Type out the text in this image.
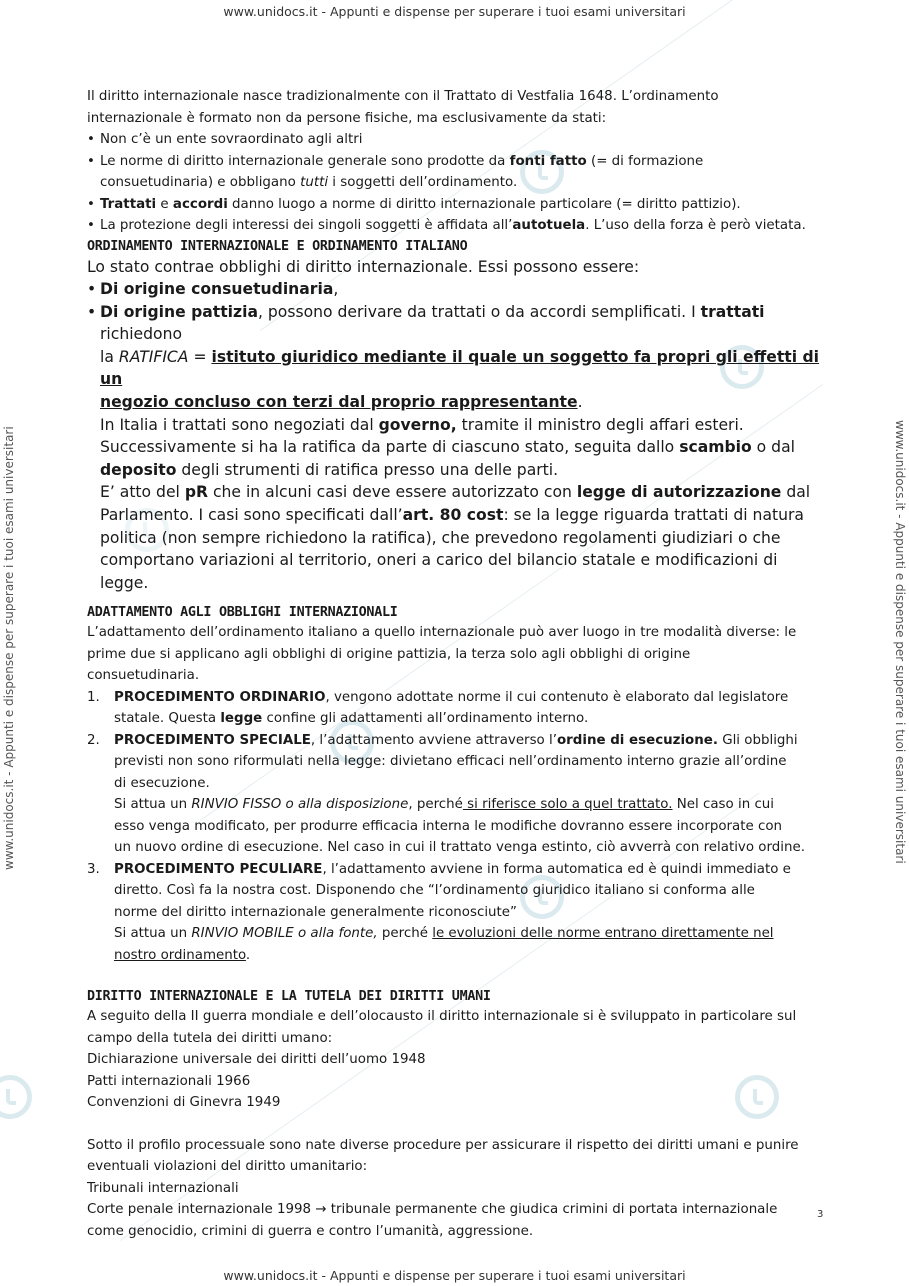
www.unidocs.it - Appunti e dispense per superare i tuoi esami universitari
www.unidocs.it - Appunti e dispense per superare i tuoi esami universitari
www.unidocs.it - Appunti e dispense per superare i tuoi esami universitari	www.unidocs.it - Appunti e dispense per superare i tuoi esami universitari

Il diritto internazionale nasce tradizionalmente con il Trattato di Vestfalia 1648. L’ordinamento

internazionale è formato non da persone fisiche, ma esclusivamente da stati:

• Non c’è un ente sovraordinato agli altri

• Le norme di diritto internazionale generale sono prodotte da fonti fatto (= di formazione

consuetudinaria) e obbligano tutti i soggetti dell’ordinamento.

• Trattati e accordi danno luogo a norme di diritto internazionale particolare (= diritto pattizio).

• La protezione degli interessi dei singoli soggetti è affidata all’autotuela. L’uso della forza è però vietata.

ORDINAMENTO INTERNAZIONALE E ORDINAMENTO ITALIANO

Lo stato contrae obblighi di diritto internazionale. Essi possono essere:

• Di origine consuetudinaria,

• Di origine pattizia, possono derivare da trattati o da accordi semplificati. I trattati richiedono

la RATIFICA = istituto giuridico mediante il quale un soggetto fa propri gli effetti di un

negozio concluso con terzi dal proprio rappresentante.

In Italia i trattati sono negoziati dal governo, tramite il ministro degli affari esteri.

Successivamente si ha la ratifica da parte di ciascuno stato, seguita dallo scambio o dal

deposito degli strumenti di ratifica presso una delle parti.

E’ atto del pR che in alcuni casi deve essere autorizzato con legge di autorizzazione dal

Parlamento. I casi sono specificati dall’art. 80 cost: se la legge riguarda trattati di natura

politica (non sempre richiedono la ratifica), che prevedono regolamenti giudiziari o che

comportano variazioni al territorio, oneri a carico del bilancio statale e modificazioni di legge.

ADATTAMENTO AGLI OBBLIGHI INTERNAZIONALI

L’adattamento dell’ordinamento italiano a quello internazionale può aver luogo in tre modalità diverse: le

prime due si applicano agli obblighi di origine pattizia, la terza solo agli obblighi di origine

consuetudinaria.

1. PROCEDIMENTO ORDINARIO, vengono adottate norme il cui contenuto è elaborato dal legislatore

statale. Questa legge confine gli adattamenti all’ordinamento interno.

2. PROCEDIMENTO SPECIALE, l’adattamento avviene attraverso l’ordine di esecuzione. Gli obblighi

previsti non sono riformulati nella legge: divietano efficaci nell’ordinamento interno grazie all’ordine

di esecuzione.

Si attua un RINVIO FISSO o alla disposizione, perché si riferisce solo a quel trattato. Nel caso in cui

esso venga modificato, per produrre efficacia interna le modifiche dovranno essere incorporate con

un nuovo ordine di esecuzione. Nel caso in cui il trattato venga estinto, ciò avverrà con relativo ordine.

3. PROCEDIMENTO PECULIARE, l’adattamento avviene in forma automatica ed è quindi immediato e

diretto. Così fa la nostra cost. Disponendo che “l’ordinamento giuridico italiano si conforma alle

norme del diritto internazionale generalmente riconosciute”

Si attua un RINVIO MOBILE o alla fonte, perché le evoluzioni delle norme entrano direttamente nel

nostro ordinamento.

DIRITTO INTERNAZIONALE E LA TUTELA DEI DIRITTI UMANI

A seguito della II guerra mondiale e dell’olocausto il diritto internazionale si è sviluppato in particolare sul

campo della tutela dei diritti umano:

Dichiarazione universale dei diritti dell’uomo 1948

Patti internazionali 1966

Convenzioni di Ginevra 1949

Sotto il profilo processuale sono nate diverse procedure per assicurare il rispetto dei diritti umani e punire

eventuali violazioni del diritto umanitario:

Tribunali internazionali

Corte penale internazionale 1998 → tribunale permanente che giudica crimini di portata internazionale

come genocidio, crimini di guerra e contro l’umanità, aggressione.

3
